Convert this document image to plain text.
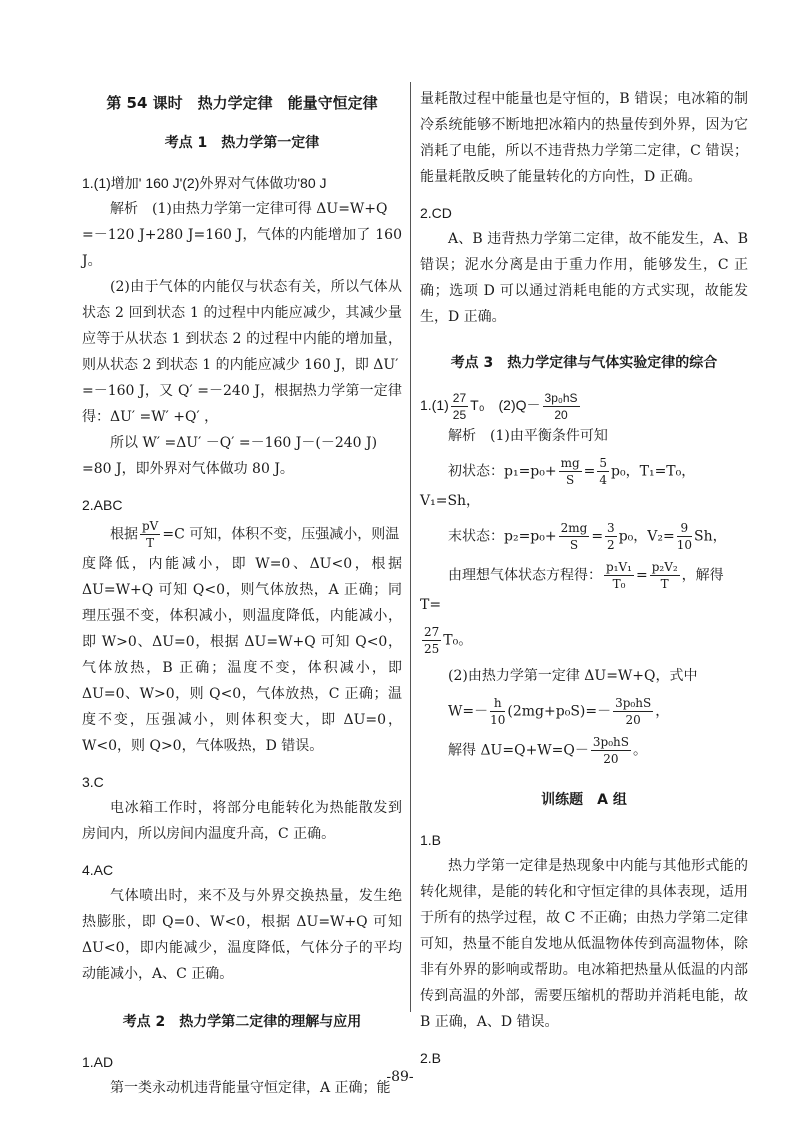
第 54 课时　热力学定律　能量守恒定律
考点 1　热力学第一定律
1.(1)增加' 160 J'(2)外界对气体做功'80 J

解析　(1)由热力学第一定律可得 ΔU=W+Q

=－120 J+280 J=160 J，气体的内能增加了 160 J。

(2)由于气体的内能仅与状态有关，所以气体从状态 2 回到状态 1 的过程中内能应减少，其减少量应等于从状态 1 到状态 2 的过程中内能的增加量，则从状态 2 到状态 1 的内能应减少 160 J，即 ΔU′

=－160 J，又 Q′ =－240 J，根据热力学第一定律得：ΔU′ =W′ +Q′ ，

所以 W′ =ΔU′ －Q′ =－160 J－(－240 J)

=80 J，即外界对气体做功 80 J。

2.ABC

根据 $\frac{pV}{T} =C$ 可知，体积不变，压强减小，则温

度降低，内能减小，即 W=0、ΔU<0，根据 ΔU=W+Q 可知 Q<0，则气体放热，A 正确；同理压强不变，体积减小，则温度降低，内能减小，即 W>0、ΔU=0，根据 ΔU=W+Q 可知 Q<0，气体放热，B 正确；温度不变，体积减小，即 ΔU=0、W>0，则 Q<0，气体放热，C 正确；温度不变，压强减小，则体积变大，即 ΔU=0，W<0，则 Q>0，气体吸热，D 错误。

3.C

电冰箱工作时，将部分电能转化为热能散发到房间内，所以房间内温度升高，C 正确。

4.AC

气体喷出时，来不及与外界交换热量，发生绝热膨胀，即 Q=0、W<0，根据 ΔU=W+Q 可知 ΔU<0，即内能减少，温度降低，气体分子的平均动能减小，A、C 正确。

考点 2　热力学第二定律的理解与应用
1.AD

第一类永动机违背能量守恒定律，A 正确；能

量耗散过程中能量也是守恒的，B 错误；电冰箱的制冷系统能够不断地把冰箱内的热量传到外界，因为它消耗了电能，所以不违背热力学第二定律，C 错误；能量耗散反映了能量转化的方向性，D 正确。

2.CD

A、B 违背热力学第二定律，故不能发生，A、B 错误；泥水分离是由于重力作用，能够发生，C 正确；选项 D 可以通过消耗电能的方式实现，故能发生，D 正确。

考点 3　热力学定律与气体实验定律的综合
$1.(1) \frac{27}{25} T_0$　$(2)Q- \frac{\text{3p₀hS}}{20}$

解析　(1)由平衡条件可知

初状态：$p_1=p_0+ \frac{mg}{S} = \frac{5}{4} p_0$，T₁=T₀，V₁=Sh，
末状态：$p_2=p_0+ \frac{2mg}{S} = \frac{3}{2} p_0$，$V_2= \frac{9}{10}$ Sh，
由理想气体状态方程得： $\frac{\text{p₁V₁}}{\text{T₀}} = \frac{\text{p₂V₂}}{T}$ ，解得 T=
$\frac{27}{25} T_0$。

(2)由热力学第一定律 ΔU=W+Q，式中

$W=- \frac{h}{10} (2mg+p_0S)=- \frac{\text{3p₀hS}}{20}$ ，
解得 $\Delta U=Q+W=Q- \frac{\text{3p₀hS}}{20}$ 。
训练题　A 组
1.B

热力学第一定律是热现象中内能与其他形式能的转化规律，是能的转化和守恒定律的具体表现，适用于所有的热学过程，故 C 不正确；由热力学第二定律可知，热量不能自发地从低温物体传到高温物体，除非有外界的影响或帮助。电冰箱把热量从低温的内部传到高温的外部，需要压缩机的帮助并消耗电能，故 B 正确，A、D 错误。

2.B
-89-
